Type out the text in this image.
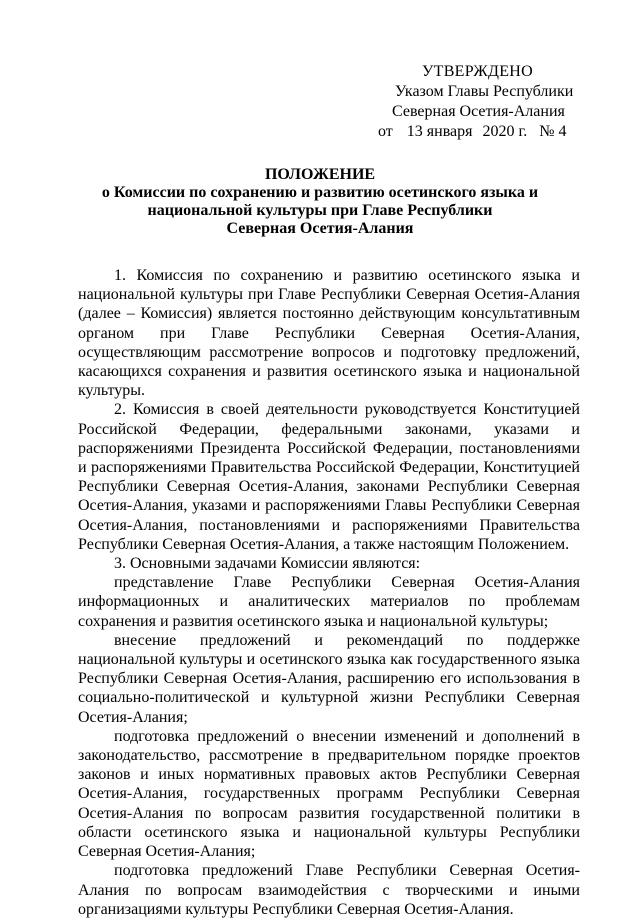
УТВЕРЖДЕНО
Указом Главы Республики
Северная Осетия-Алания
от 13 января 2020 г. № 4
ПОЛОЖЕНИЕ
о Комиссии по сохранению и развитию осетинского языка и
национальной культуры при Главе Республики
Северная Осетия-Алания

1. Комиссия по сохранению и развитию осетинского языка и национальной культуры при Главе Республики Северная Осетия-Алания (далее – Комиссия) является постоянно действующим консультативным органом при Главе Республики Северная Осетия-Алания, осуществляющим рассмотрение вопросов и подготовку предложений, касающихся сохранения и развития осетинского языка и национальной культуры.

2. Комиссия в своей деятельности руководствуется Конституцией Российской Федерации, федеральными законами, указами и распоряжениями Президента Российской Федерации, постановлениями и распоряжениями Правительства Российской Федерации, Конституцией Республики Северная Осетия-Алания, законами Республики Северная Осетия-Алания, указами и распоряжениями Главы Республики Северная Осетия-Алания, постановлениями и распоряжениями Правительства Республики Северная Осетия-Алания, а также настоящим Положением.

3. Основными задачами Комиссии являются:

представление Главе Республики Северная Осетия-Алания информационных и аналитических материалов по проблемам сохранения и развития осетинского языка и национальной культуры;

внесение предложений и рекомендаций по поддержке национальной культуры и осетинского языка как государственного языка Республики Северная Осетия-Алания, расширению его использования в социально-политической и культурной жизни Республики Северная Осетия-Алания;

подготовка предложений о внесении изменений и дополнений в законодательство, рассмотрение в предварительном порядке проектов законов и иных нормативных правовых актов Республики Северная Осетия-Алания, государственных программ Республики Северная Осетия-Алания по вопросам развития государственной политики в области осетинского языка и национальной культуры Республики Северная Осетия-Алания;

подготовка предложений Главе Республики Северная Осетия-Алания по вопросам взаимодействия с творческими и иными организациями культуры Республики Северная Осетия-Алания.
